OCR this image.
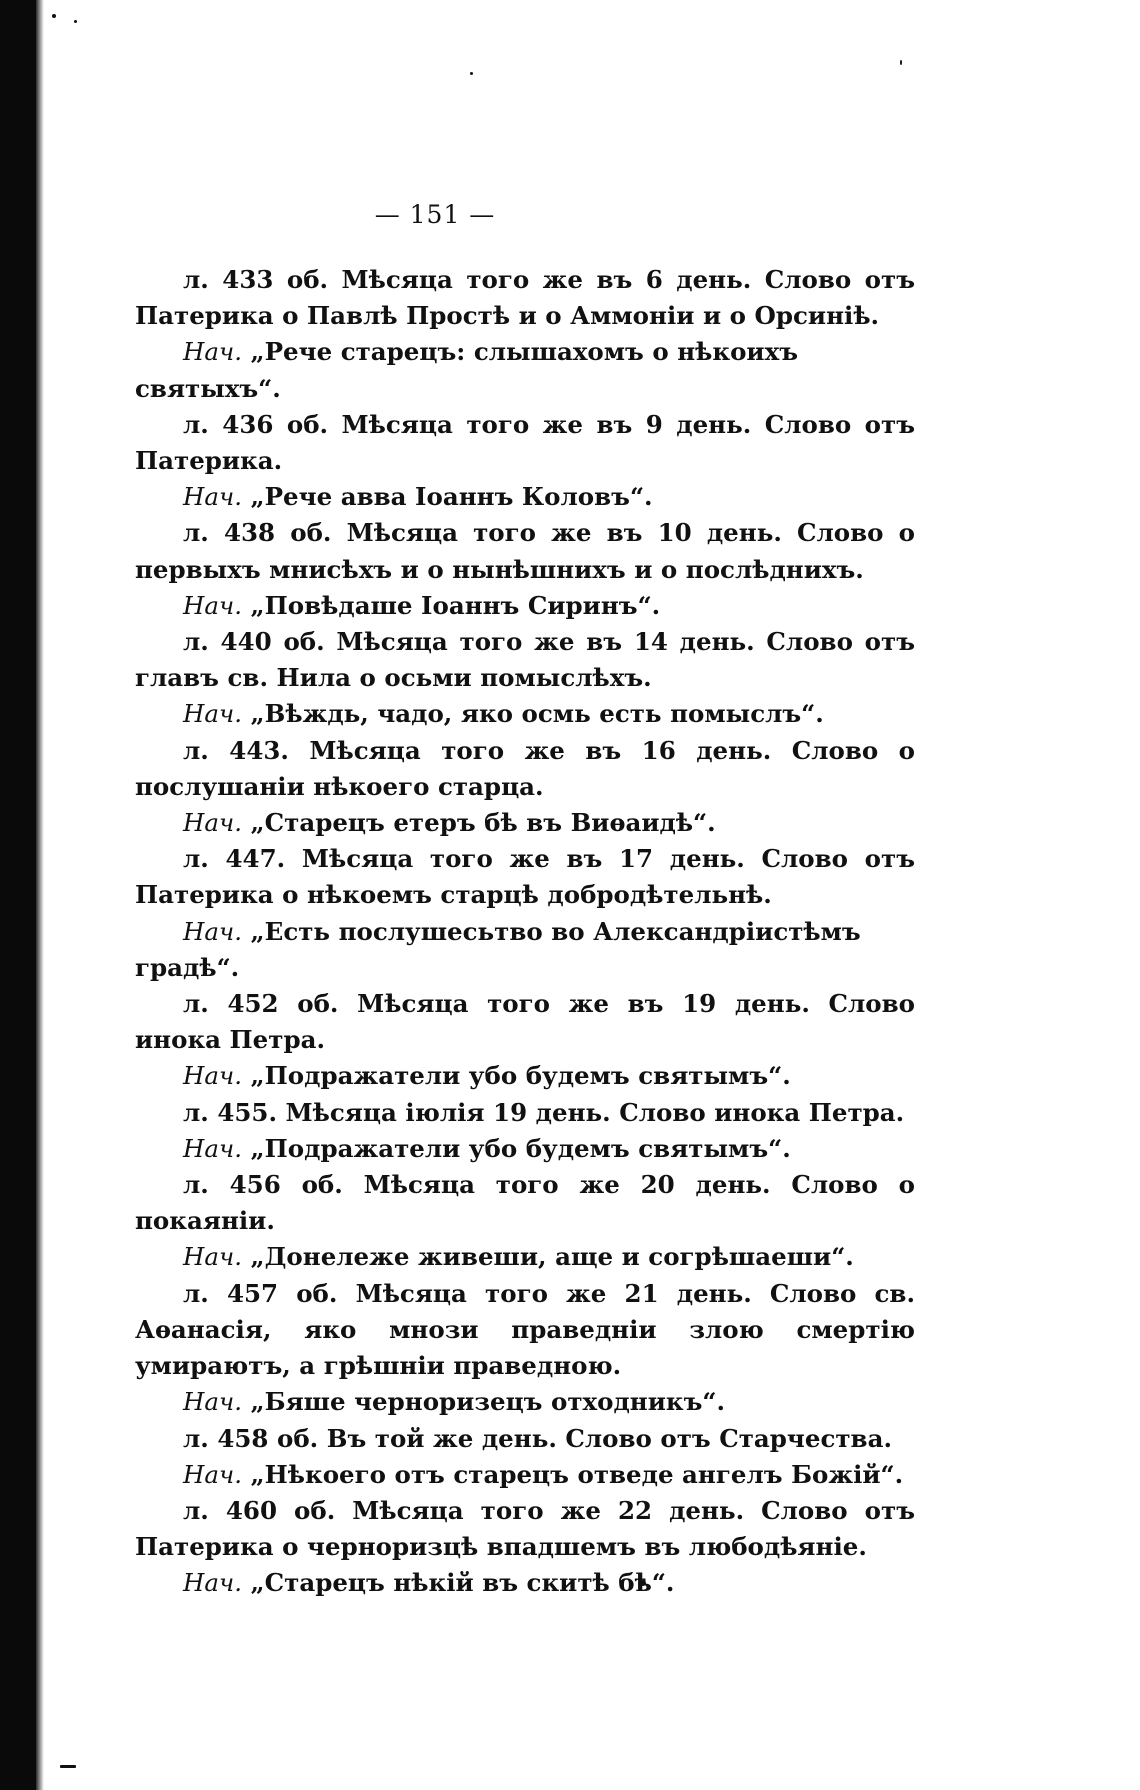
— 151 —

л. 433 об. Мѣсяца того же въ 6 день. Слово отъ Патерика о Павлѣ Простѣ и о Аммоніи и о Орсиніѣ.

Нач. „Рече старецъ: слышахомъ о нѣкоихъ святыхъ“.

л. 436 об. Мѣсяца того же въ 9 день. Слово отъ Патерика.

Нач. „Рече авва Іоаннъ Коловъ“.

л. 438 об. Мѣсяца того же въ 10 день. Слово о первыхъ мнисѣхъ и о нынѣшнихъ и о послѣднихъ.

Нач. „Повѣдаше Іоаннъ Сиринъ“.

л. 440 об. Мѣсяца того же въ 14 день. Слово отъ главъ св. Нила о осьми помыслѣхъ.

Нач. „Вѣждь, чадо, яко осмь есть помыслъ“.

л. 443. Мѣсяца того же въ 16 день. Слово о послушаніи нѣкоего старца.

Нач. „Старецъ етеръ бѣ въ Виѳаидѣ“.

л. 447. Мѣсяца того же въ 17 день. Слово отъ Патерика о нѣкоемъ старцѣ добродѣтельнѣ.

Нач. „Есть послушесьтво во Александріистѣмъ градѣ“.

л. 452 об. Мѣсяца того же въ 19 день. Слово инока Петра.

Нач. „Подражатели убо будемъ святымъ“.

л. 455. Мѣсяца іюлія 19 день. Слово инока Петра.

Нач. „Подражатели убо будемъ святымъ“.

л. 456 об. Мѣсяца того же 20 день. Слово о покаяніи.

Нач. „Донележе живеши, аще и согрѣшаеши“.

л. 457 об. Мѣсяца того же 21 день. Слово св. Аѳанасія, яко мнози праведніи злою смертію умираютъ, а грѣшніи праведною.

Нач. „Бяше черноризецъ отходникъ“.

л. 458 об. Въ той же день. Слово отъ Старчества.

Нач. „Нѣкоего отъ старецъ отведе ангелъ Божій“.

л. 460 об. Мѣсяца того же 22 день. Слово отъ Патерика о черноризцѣ впадшемъ въ любодѣяніе.

Нач. „Старецъ нѣкій въ скитѣ бѣ“.
